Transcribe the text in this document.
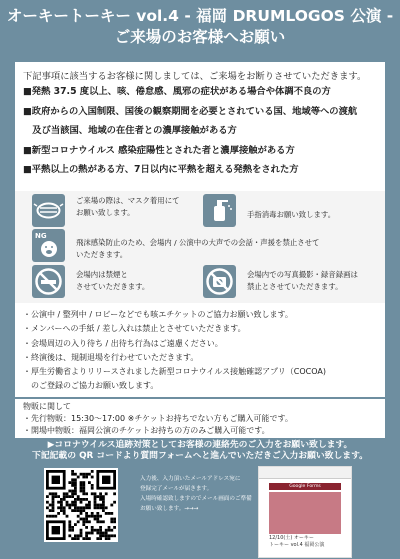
オーキートーキー vol.4 - 福岡 DRUMLOGOS 公演 -
ご来場のお客様へお願い
下記事項に該当するお客様に関しましては、ご来場をお断りさせていただきます。
■発熱 37.5 度以上、咳、倦怠感、風邪の症状がある場合や体調不良の方
■政府からの入国制限、国後の観察期間を必要とされている国、地域等への渡航
　及び当該国、地域の在住者との濃厚接触がある方
■新型コロナウイルス 感染症陽性とされた者と濃厚接触がある方
■平熱以上の熱がある方、7日以内に平熱を超える発熱をされた方
ご来場の際は、マスク着用にて
お願い致します。	手指消毒お願い致します。
NG
飛沫感染防止のため、会場内 / 公演中の大声での会話・声援を禁止させて
いただきます。
会場内は禁煙と
させていただきます。
会場内での写真撮影・録音録画は
禁止とさせていただきます。
・公演中 / 整列中 / ロビーなどでも咳エチケットのご協力お願い致します。
・メンバーへの手紙 / 差し入れは禁止とさせていただきます。
・会場周辺の入り待ち / 出待ち行為はご遠慮ください。
・終演後は、規制退場を行わせていただきます。
・厚生労働省よりリリースされました新型コロナウイルス接触確認アプリ（COCOA)
　のご登録のご協力お願い致します。
物販に関して
・先行物販：15:30～17:00 ※チケットお持ちでない方もご購入可能です。
・開場中物販：福岡公演のチケットお持ちの方のみご購入可能です。
▶コロナウイルス追跡対策としてお客様の連絡先のご入力をお願い致します。
下記記載の QR コードより質問フォームへと進んでいただきご入力お願い致します。
入力後、入力頂いたメールアドレス宛に
登録完了メールが届きます。
入場時確認致しますのでメール画面のご準備
お願い致します。→→→
Google Forms
12/10(土) オーキー
トーキー vol.4 福岡公演
